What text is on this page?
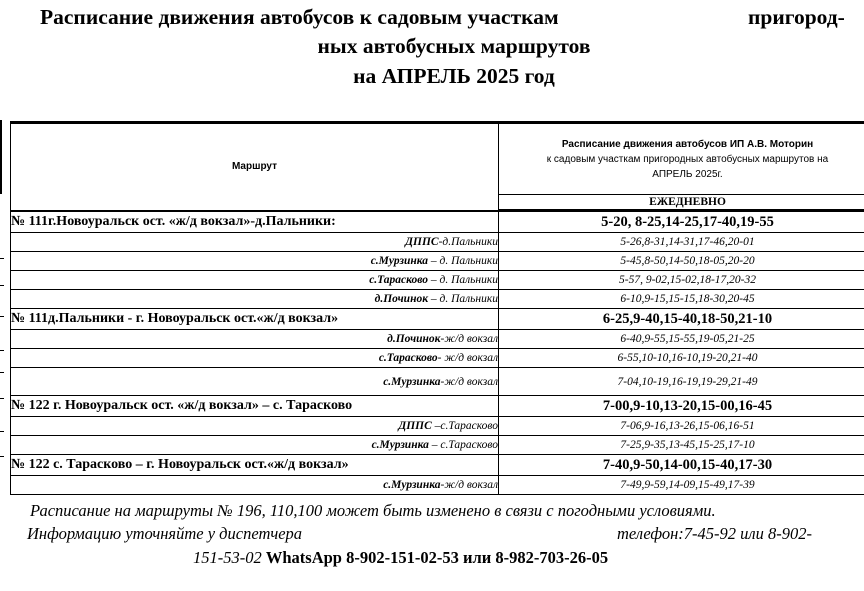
Расписание движения автобусов к садовым участкам	пригород-
ных автобусных маршрутов
на АПРЕЛЬ 2025 год
Маршрут	Расписание движения автобусов ИП А.В. Моторин
к садовым участкам пригородных автобусных маршрутов на
АПРЕЛЬ 2025г.

	ЕЖЕДНЕВНО
№ 111г.Новоуральск ост. «ж/д вокзал»-д.Пальники:	5-20, 8-25,14-25,17-40,19-55
ДППС-д.Пальники	5-26,8-31,14-31,17-46,20-01
с.Мурзинка – д. Пальники	5-45,8-50,14-50,18-05,20-20
с.Тарасково – д. Пальники	5-57, 9-02,15-02,18-17,20-32
д.Починок – д. Пальники	6-10,9-15,15-15,18-30,20-45
№ 111д.Пальники - г. Новоуральск ост.«ж/д вокзал»	6-25,9-40,15-40,18-50,21-10
д.Починок-ж/д вокзал	6-40,9-55,15-55,19-05,21-25
с.Тарасково- ж/д вокзал	6-55,10-10,16-10,19-20,21-40
с.Мурзинка-ж/д вокзал	7-04,10-19,16-19,19-29,21-49
№ 122 г. Новоуральск ост. «ж/д вокзал» – с. Тарасково	7-00,9-10,13-20,15-00,16-45
ДППС –с.Тарасково	7-06,9-16,13-26,15-06,16-51
с.Мурзинка – с.Тарасково	7-25,9-35,13-45,15-25,17-10
№ 122 с. Тарасково – г. Новоуральск ост.«ж/д вокзал»	7-40,9-50,14-00,15-40,17-30
с.Мурзинка-ж/д вокзал	7-49,9-59,14-09,15-49,17-39
Расписание на маршруты № 196, 110,100 может быть изменено в связи с погодными условиями.
Информацию уточняйте у диспетчера	телефон:7-45-92 или 8-902-
151-53-02 WhatsApp 8-902-151-02-53 или 8-982-703-26-05
